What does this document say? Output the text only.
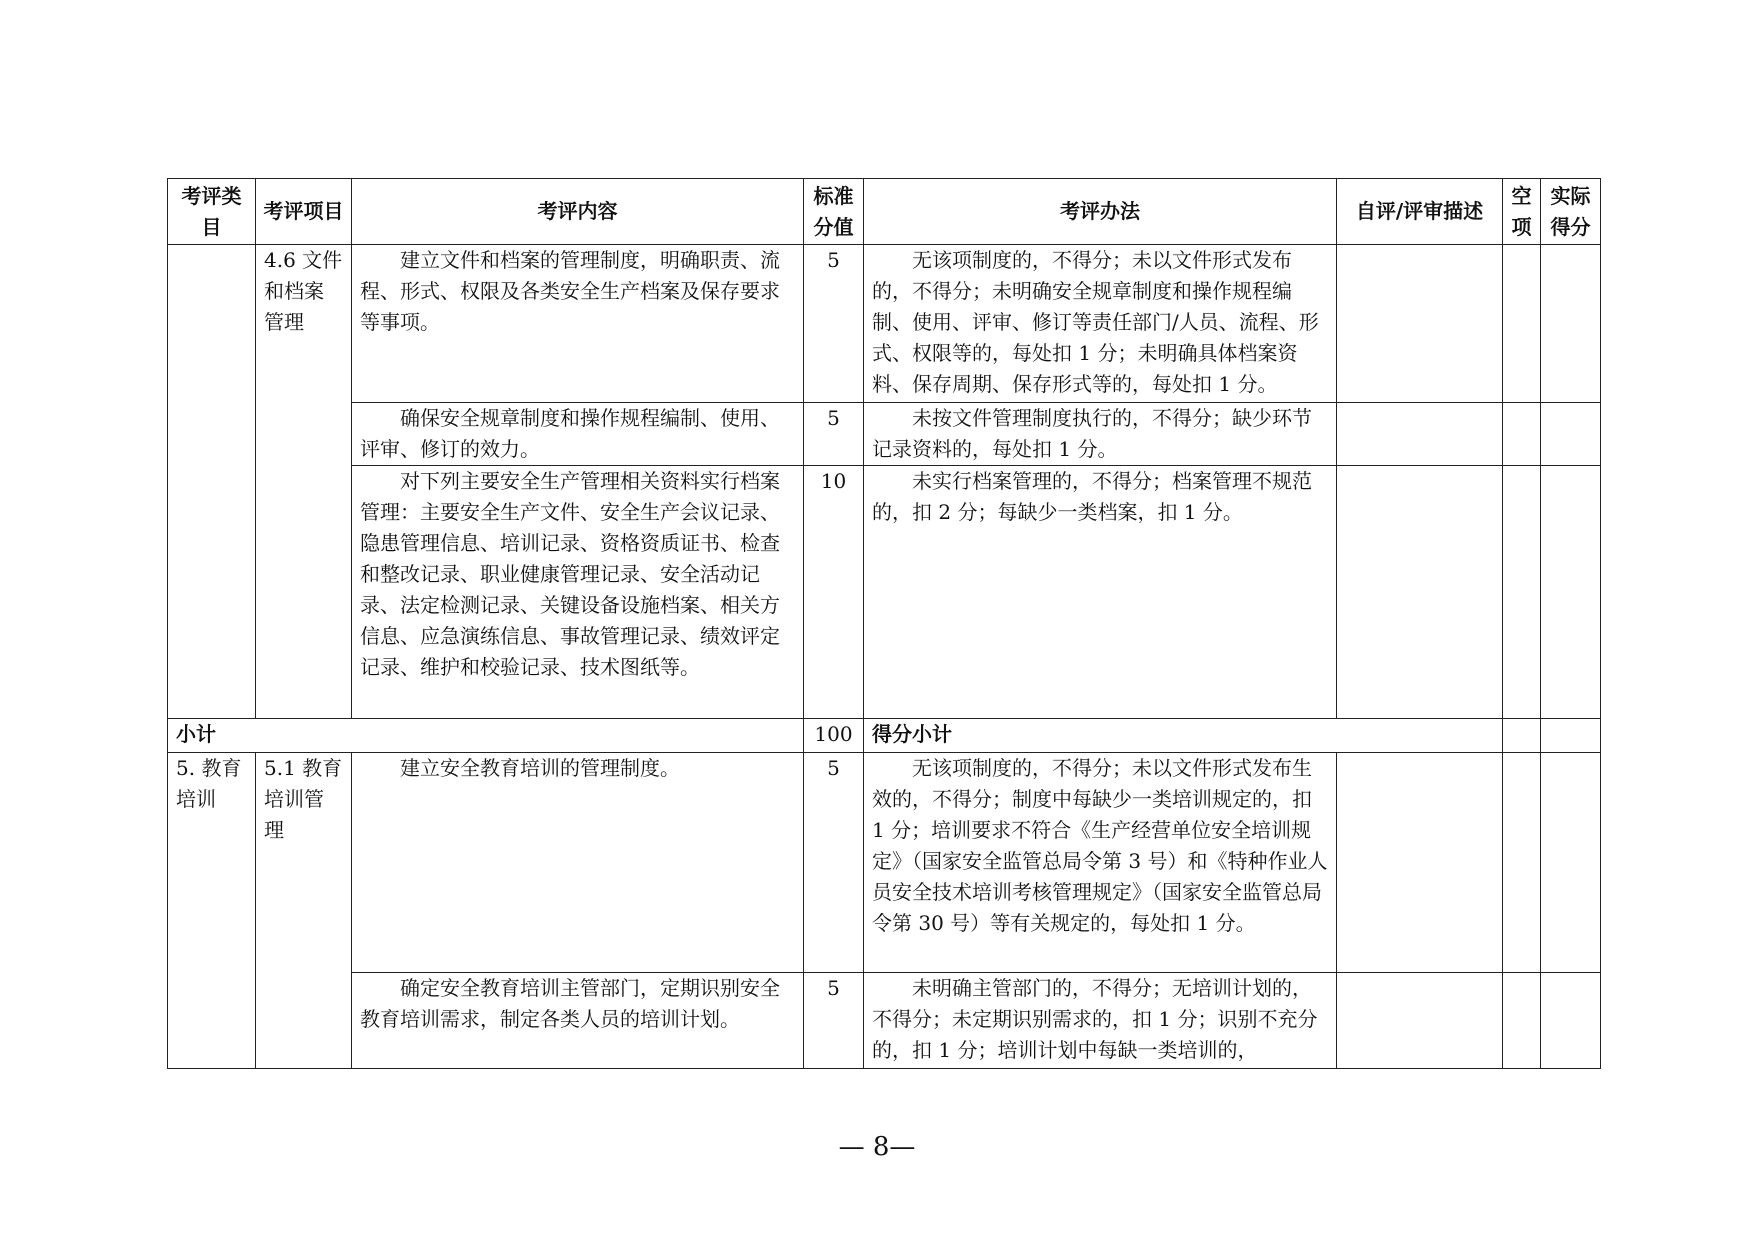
考评类目	考评项目	考评内容	标准分值	考评办法	自评/评审描述	空项	实际得分
	4.6 文件和档案管理	建立文件和档案的管理制度，明确职责、流程、形式、权限及各类安全生产档案及保存要求等事项。	5	无该项制度的，不得分；未以文件形式发布的，不得分；未明确安全规章制度和操作规程编制、使用、评审、修订等责任部门/人员、流程、形式、权限等的，每处扣 1 分；未明确具体档案资料、保存周期、保存形式等的，每处扣 1 分。			
		确保安全规章制度和操作规程编制、使用、评审、修订的效力。	5	未按文件管理制度执行的，不得分；缺少环节记录资料的，每处扣 1 分。			
		对下列主要安全生产管理相关资料实行档案管理：主要安全生产文件、安全生产会议记录、隐患管理信息、培训记录、资格资质证书、检查和整改记录、职业健康管理记录、安全活动记录、法定检测记录、关键设备设施档案、相关方信息、应急演练信息、事故管理记录、绩效评定记录、维护和校验记录、技术图纸等。	10	未实行档案管理的，不得分；档案管理不规范的，扣 2 分；每缺少一类档案，扣 1 分。			
小计			100	得分小计			
5. 教育培训	5.1 教育培训管理	建立安全教育培训的管理制度。	5	无该项制度的，不得分；未以文件形式发布生效的，不得分；制度中每缺少一类培训规定的，扣 1 分；培训要求不符合《生产经营单位安全培训规定》（国家安全监管总局令第 3 号）和《特种作业人员安全技术培训考核管理规定》（国家安全监管总局令第 30 号）等有关规定的，每处扣 1 分。			
		确定安全教育培训主管部门，定期识别安全教育培训需求，制定各类人员的培训计划。	5	未明确主管部门的，不得分；无培训计划的，不得分；未定期识别需求的，扣 1 分；识别不充分的，扣 1 分；培训计划中每缺一类培训的，			
— 8—
